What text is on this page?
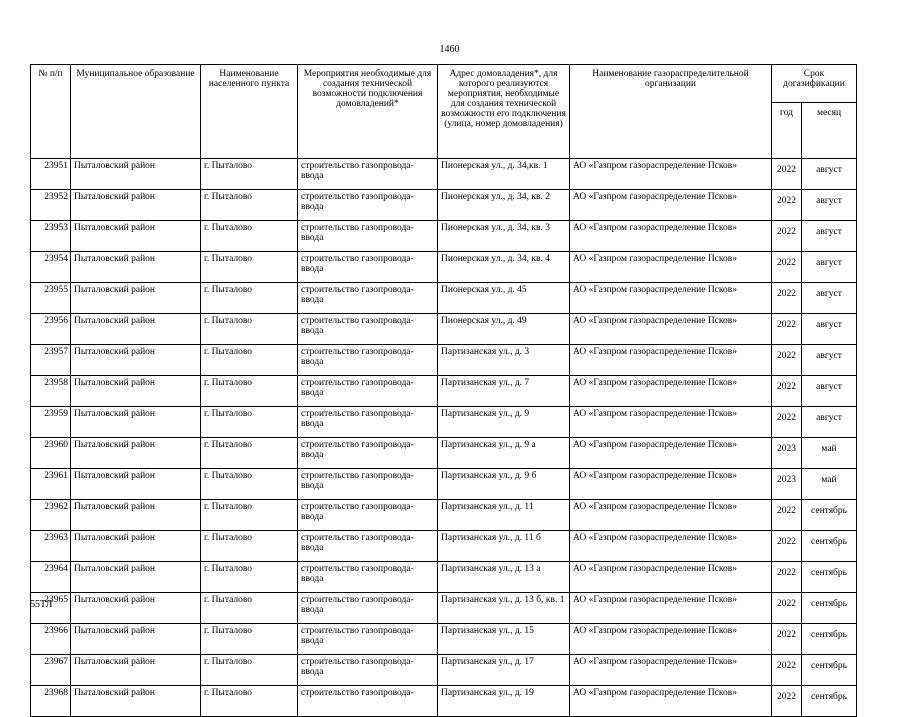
1460
№ п/п	Муниципальное образование	Наименование населенного пункта	Мероприятия необходимые для создания технической возможности подключения домовладений*	Адрес домовладения*, для которого реализуются мероприятия, необходимые для создания технической возможности его подключения (улица, номер домовладения)	Наименование газораспределительной организации	Срок догазификации	
						год	месяц
23951	Пыталовский район	г. Пыталово	строительство газопровода-ввода	Пионерская ул., д. 34,кв. 1	АО «Газпром газораспределение Псков»	2022	август
23952	Пыталовский район	г. Пыталово	строительство газопровода-ввода	Пионерская ул., д. 34, кв. 2	АО «Газпром газораспределение Псков»	2022	август
23953	Пыталовский район	г. Пыталово	строительство газопровода-ввода	Пионерская ул., д. 34, кв. 3	АО «Газпром газораспределение Псков»	2022	август
23954	Пыталовский район	г. Пыталово	строительство газопровода-ввода	Пионерская ул., д. 34, кв. 4	АО «Газпром газораспределение Псков»	2022	август
23955	Пыталовский район	г. Пыталово	строительство газопровода-ввода	Пионерская ул., д. 45	АО «Газпром газораспределение Псков»	2022	август
23956	Пыталовский район	г. Пыталово	строительство газопровода-ввода	Пионерская ул., д. 49	АО «Газпром газораспределение Псков»	2022	август
23957	Пыталовский район	г. Пыталово	строительство газопровода-ввода	Партизанская ул., д. 3	АО «Газпром газораспределение Псков»	2022	август
23958	Пыталовский район	г. Пыталово	строительство газопровода-ввода	Партизанская ул., д. 7	АО «Газпром газораспределение Псков»	2022	август
23959	Пыталовский район	г. Пыталово	строительство газопровода-ввода	Партизанская ул., д. 9	АО «Газпром газораспределение Псков»	2022	август
23960	Пыталовский район	г. Пыталово	строительство газопровода-ввода	Партизанская ул., д. 9 а	АО «Газпром газораспределение Псков»	2023	май
23961	Пыталовский район	г. Пыталово	строительство газопровода-ввода	Партизанская ул., д. 9 б	АО «Газпром газораспределение Псков»	2023	май
23962	Пыталовский район	г. Пыталово	строительство газопровода-ввода	Партизанская ул., д. 11	АО «Газпром газораспределение Псков»	2022	сентябрь
23963	Пыталовский район	г. Пыталово	строительство газопровода-ввода	Партизанская ул., д. 11 б	АО «Газпром газораспределение Псков»	2022	сентябрь
23964	Пыталовский район	г. Пыталово	строительство газопровода-ввода	Партизанская ул., д. 13 а	АО «Газпром газораспределение Псков»	2022	сентябрь
23965	Пыталовский район	г. Пыталово	строительство газопровода-ввода	Партизанская ул., д. 13 б, кв. 1	АО «Газпром газораспределение Псков»	2022	сентябрь
23966	Пыталовский район	г. Пыталово	строительство газопровода-ввода	Партизанская ул., д. 15	АО «Газпром газораспределение Псков»	2022	сентябрь
23967	Пыталовский район	г. Пыталово	строительство газопровода-ввода	Партизанская ул., д. 17	АО «Газпром газораспределение Псков»	2022	сентябрь
23968	Пыталовский район	г. Пыталово	строительство газопровода-	Партизанская ул., д. 19	АО «Газпром газораспределение Псков»	2022	сентябрь
55ТЛ
